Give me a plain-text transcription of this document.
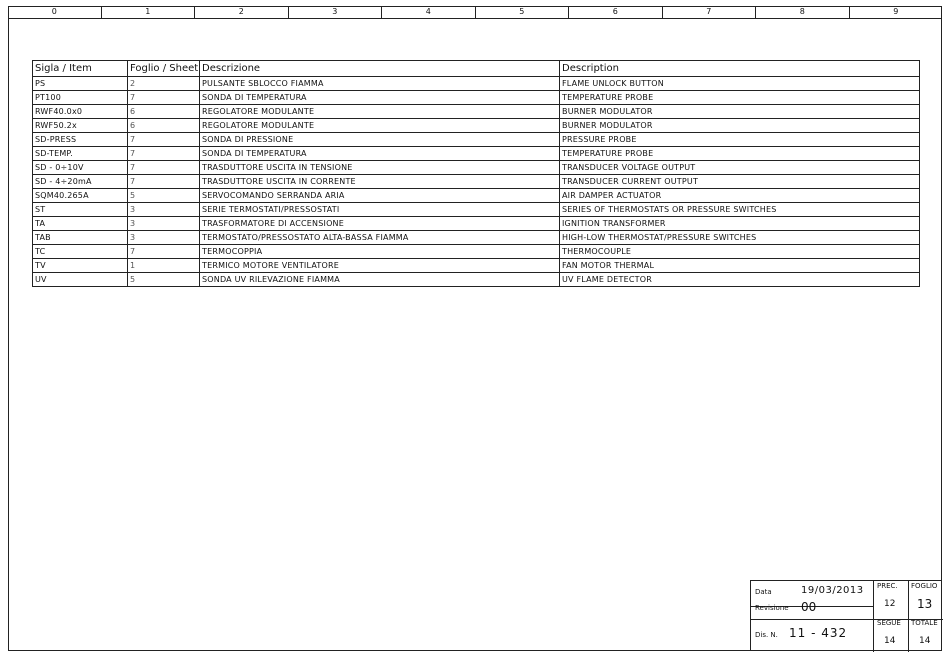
0	1	2	3	4	5	6	7	8	9
Sigla / Item	Foglio / Sheet	Descrizione	Description
PS	2	PULSANTE SBLOCCO FIAMMA	FLAME UNLOCK BUTTON
PT100	7	SONDA DI TEMPERATURA	TEMPERATURE PROBE
RWF40.0x0	6	REGOLATORE MODULANTE	BURNER MODULATOR
RWF50.2x	6	REGOLATORE MODULANTE	BURNER MODULATOR
SD-PRESS	7	SONDA DI PRESSIONE	PRESSURE PROBE
SD-TEMP.	7	SONDA DI TEMPERATURA	TEMPERATURE PROBE
SD - 0÷10V	7	TRASDUTTORE USCITA IN TENSIONE	TRANSDUCER VOLTAGE OUTPUT
SD - 4÷20mA	7	TRASDUTTORE USCITA IN CORRENTE	TRANSDUCER CURRENT OUTPUT
SQM40.265A	5	SERVOCOMANDO SERRANDA ARIA	AIR DAMPER ACTUATOR
ST	3	SERIE TERMOSTATI/PRESSOSTATI	SERIES OF THERMOSTATS OR PRESSURE SWITCHES
TA	3	TRASFORMATORE DI ACCENSIONE	IGNITION TRANSFORMER
TAB	3	TERMOSTATO/PRESSOSTATO ALTA-BASSA FIAMMA	HIGH-LOW THERMOSTAT/PRESSURE SWITCHES
TC	7	TERMOCOPPIA	THERMOCOUPLE
TV	1	TERMICO MOTORE VENTILATORE	FAN MOTOR THERMAL
UV	5	SONDA UV RILEVAZIONE FIAMMA	UV FLAME DETECTOR
Data	19/03/2013
Revisione 00
Dis. N. 11 - 432
PREC.
12
FOGLIO
13
SEGUE
14
TOTALE
14
